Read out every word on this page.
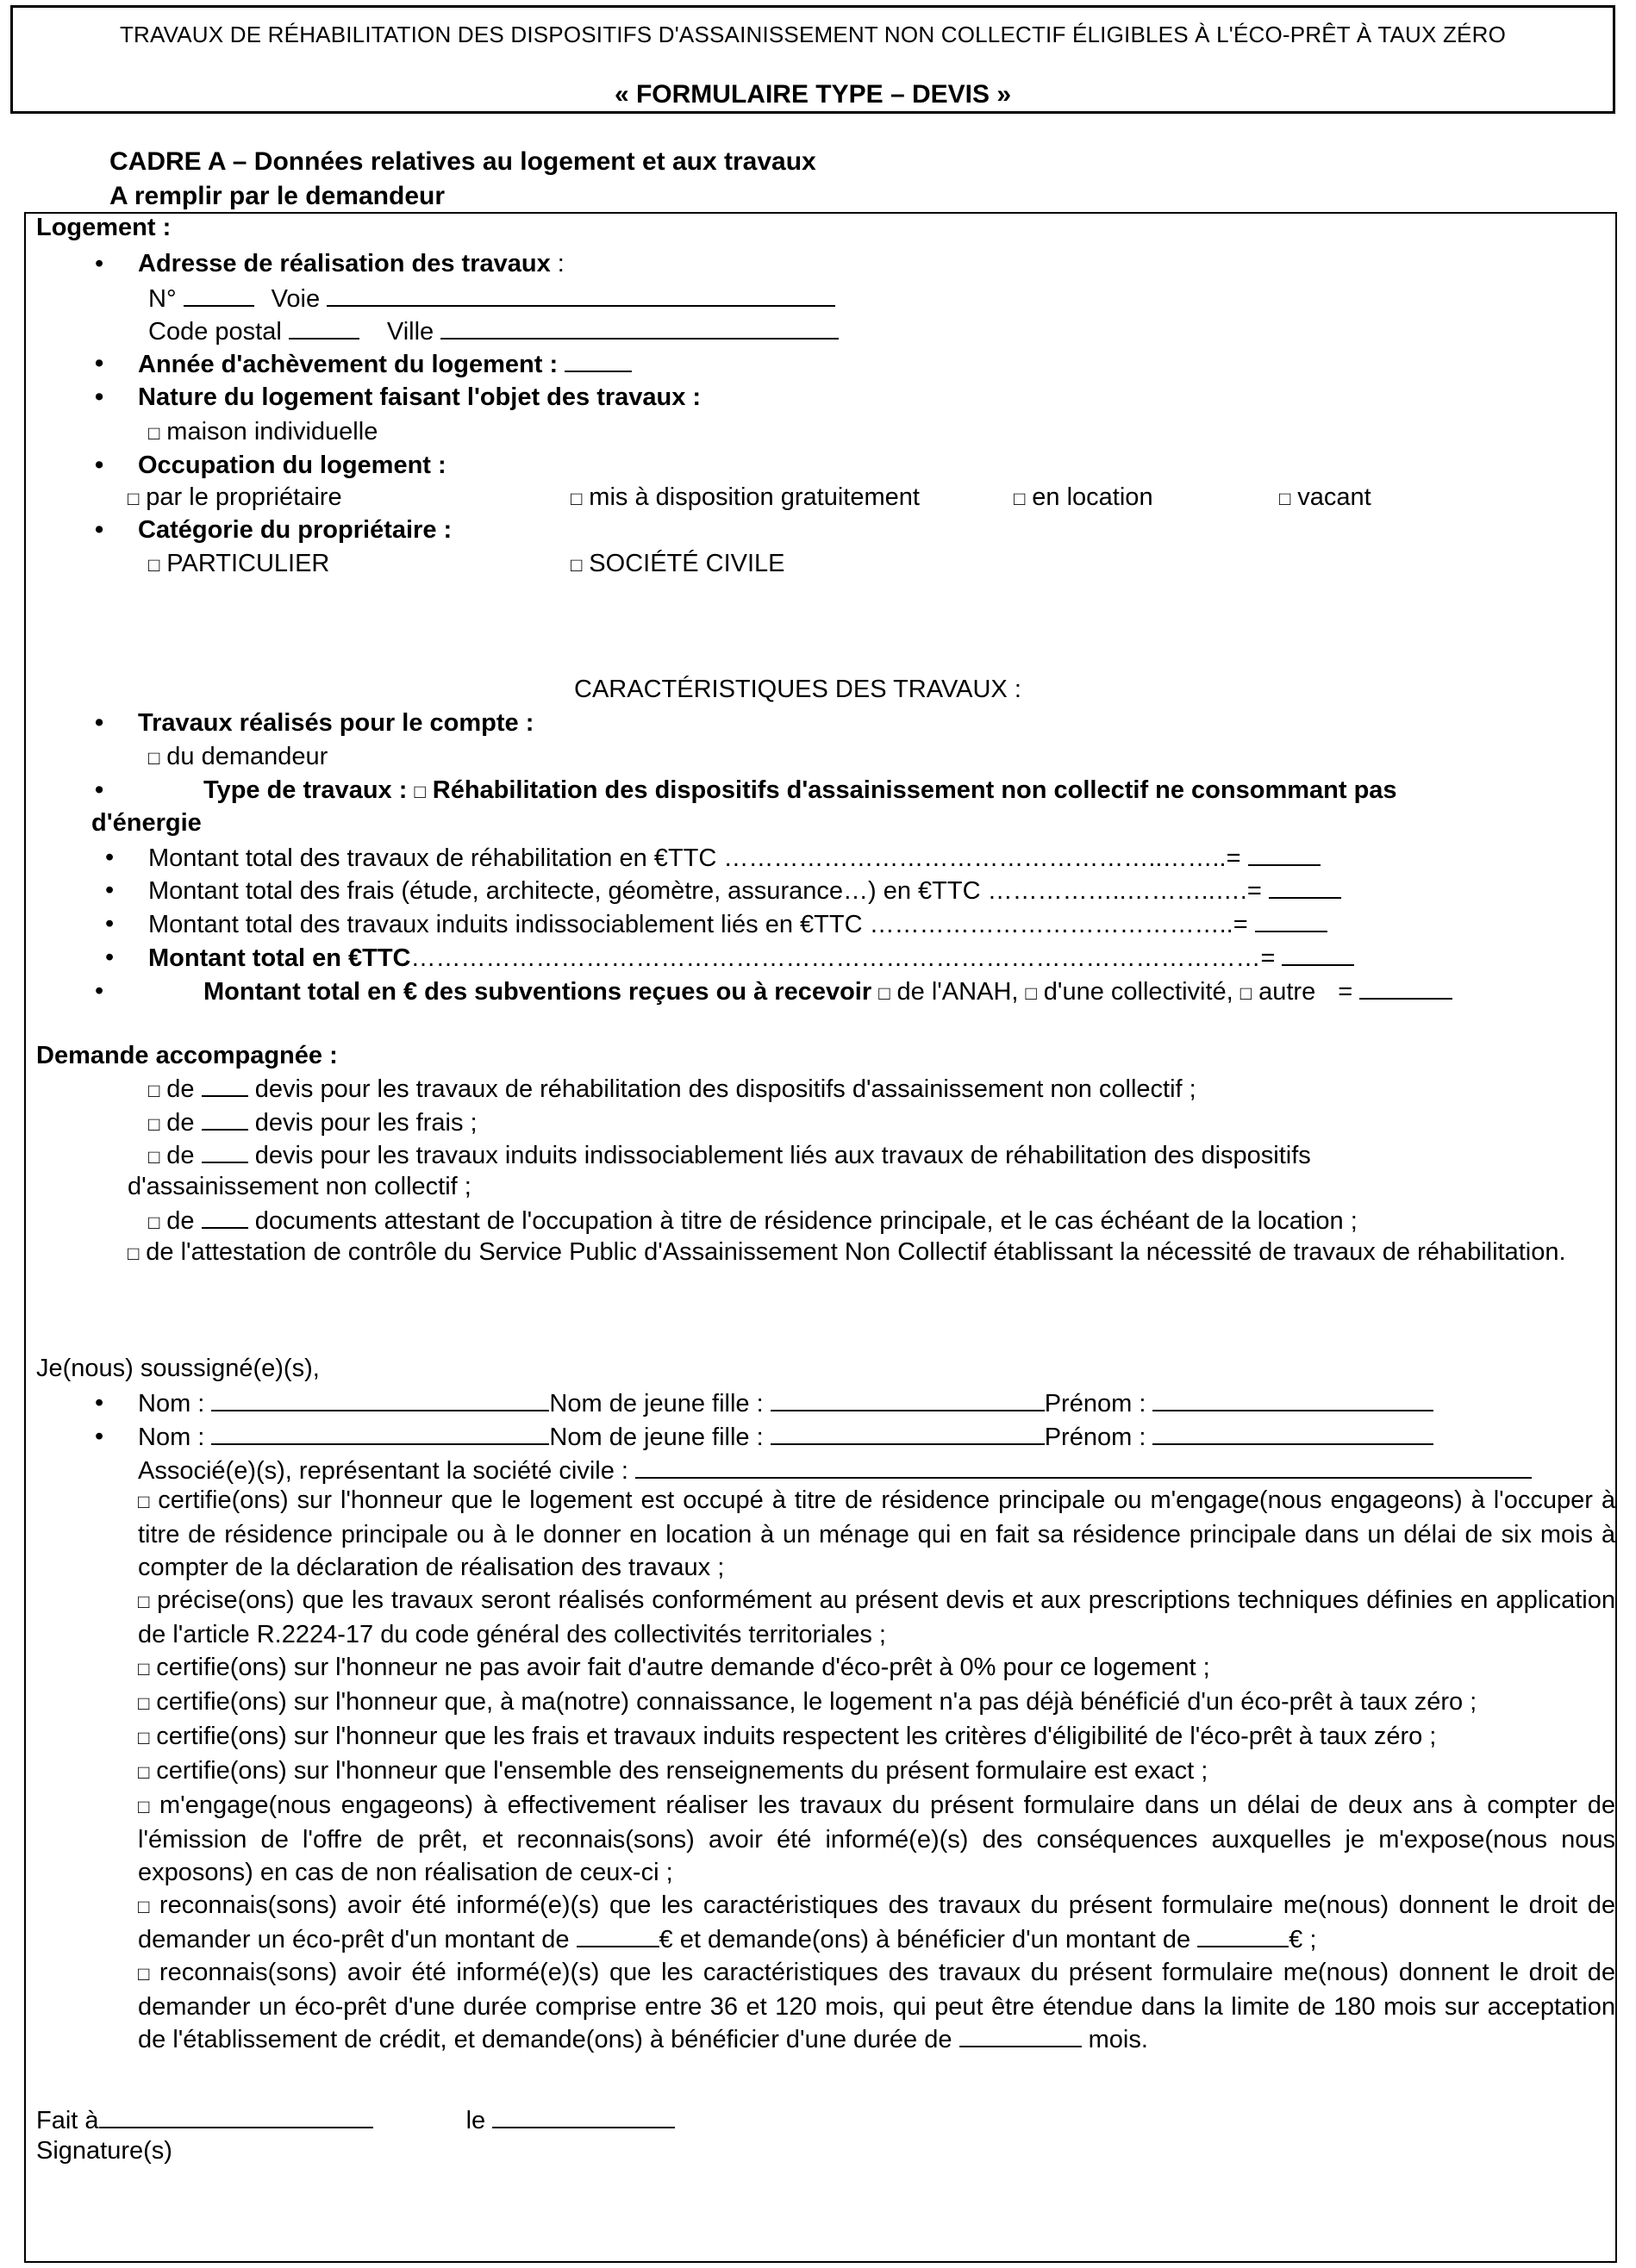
TRAVAUX DE RÉHABILITATION DES DISPOSITIFS D'ASSAINISSEMENT NON COLLECTIF ÉLIGIBLES À L'ÉCO-PRÊT À TAUX ZÉRO
« FORMULAIRE TYPE – DEVIS »
CADRE A – Données relatives au logement et aux travaux
A remplir par le demandeur
Logement :
• Adresse de réalisation des travaux :
N°	Voie
Code postal	Ville
• Année d'achèvement du logement :
• Nature du logement faisant l'objet des travaux :
□ maison individuelle
• Occupation du logement :
□ par le propriétaire	□ mis à disposition gratuitement	□ en location	□ vacant
• Catégorie du propriétaire :
□ PARTICULIER	□ SOCIÉTÉ CIVILE
CARACTÉRISTIQUES DES TRAVAUX :
• Travaux réalisés pour le compte :
□ du demandeur
• Type de travaux : □ Réhabilitation des dispositifs d'assainissement non collectif ne consommant pas
d'énergie
• Montant total des travaux de réhabilitation en €TTC ……………………………………………..……..=
• Montant total des frais (étude, architecte, géomètre, assurance…) en €TTC ……………..………..….=
• Montant total des travaux induits indissociablement liés en €TTC ……………………………………..=
• Montant total en €TTC…………………………………………………………………………………………=
• Montant total en € des subventions reçues ou à recevoir □ de l'ANAH, □ d'une collectivité, □ autre =
Demande accompagnée :
□ de devis pour les travaux de réhabilitation des dispositifs d'assainissement non collectif ;
□ de devis pour les frais ;
□ de devis pour les travaux induits indissociablement liés aux travaux de réhabilitation des dispositifs
d'assainissement non collectif ;
□ de documents attestant de l'occupation à titre de résidence principale, et le cas échéant de la location ;
□ de l'attestation de contrôle du Service Public d'Assainissement Non Collectif établissant la nécessité de travaux de réhabilitation.
Je(nous) soussigné(e)(s),
• Nom :	Nom de jeune fille :	Prénom :
• Nom :	Nom de jeune fille :	Prénom :
Associé(e)(s), représentant la société civile :
□ certifie(ons) sur l'honneur que le logement est occupé à titre de résidence principale ou m'engage(nous engageons) à l'occuper à titre de résidence principale ou à le donner en location à un ménage qui en fait sa résidence principale dans un délai de six mois à compter de la déclaration de réalisation des travaux ;
□ précise(ons) que les travaux seront réalisés conformément au présent devis et aux prescriptions techniques définies en application de l'article R.2224-17 du code général des collectivités territoriales ;
□ certifie(ons) sur l'honneur ne pas avoir fait d'autre demande d'éco-prêt à 0% pour ce logement ;
□ certifie(ons) sur l'honneur que, à ma(notre) connaissance, le logement n'a pas déjà bénéficié d'un éco-prêt à taux zéro ;
□ certifie(ons) sur l'honneur que les frais et travaux induits respectent les critères d'éligibilité de l'éco-prêt à taux zéro ;
□ certifie(ons) sur l'honneur que l'ensemble des renseignements du présent formulaire est exact ;
□ m'engage(nous engageons) à effectivement réaliser les travaux du présent formulaire dans un délai de deux ans à compter de l'émission de l'offre de prêt, et reconnais(sons) avoir été informé(e)(s) des conséquences auxquelles je m'expose(nous nous exposons) en cas de non réalisation de ceux-ci ;
□ reconnais(sons) avoir été informé(e)(s) que les caractéristiques des travaux du présent formulaire me(nous) donnent le droit de demander un éco-prêt d'un montant de	€ et demande(ons) à bénéficier d'un montant de	€ ;
□ reconnais(sons) avoir été informé(e)(s) que les caractéristiques des travaux du présent formulaire me(nous) donnent le droit de demander un éco-prêt d'une durée comprise entre 36 et 120 mois, qui peut être étendue dans la limite de 180 mois sur acceptation de l'établissement de crédit, et demande(ons) à bénéficier d'une durée de	mois.
Fait à	le
Signature(s)
